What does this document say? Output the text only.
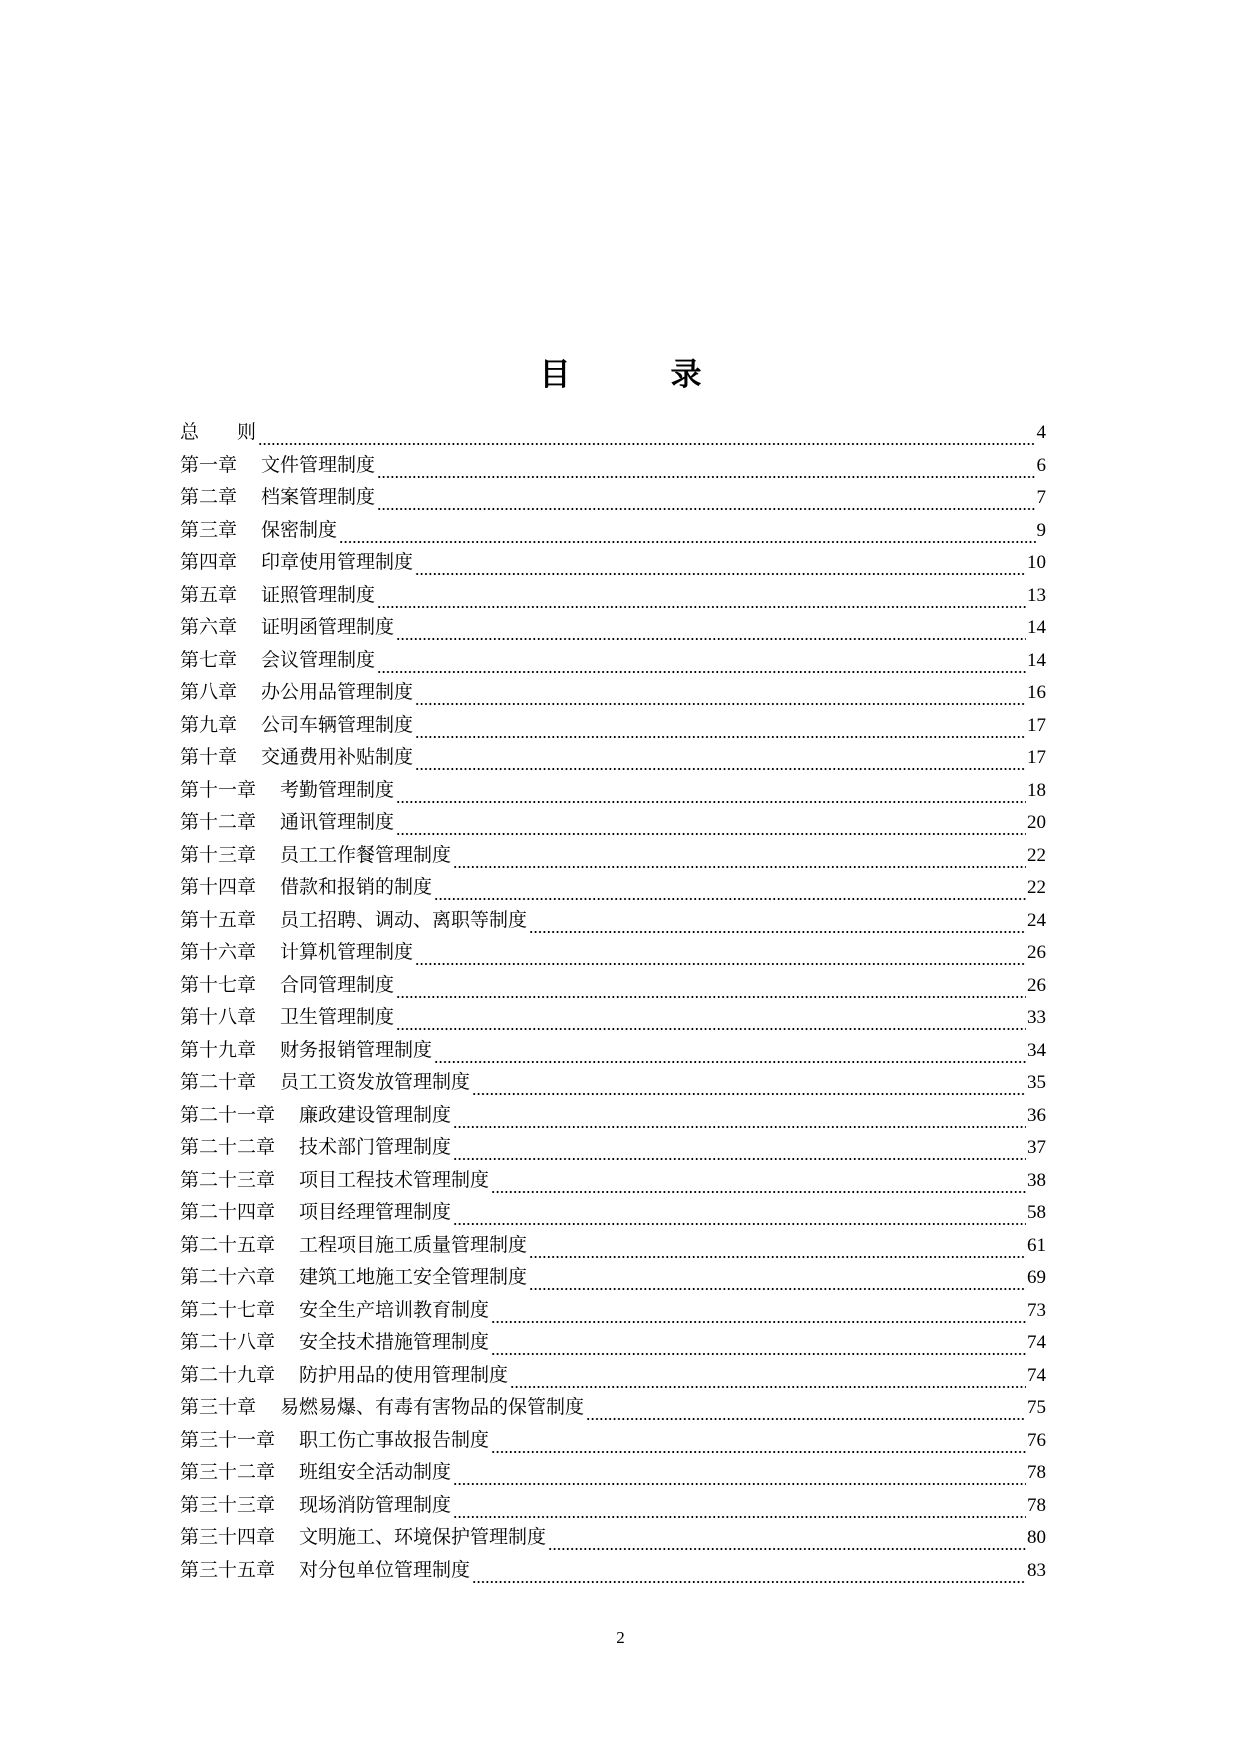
目录
总　　则	4
第一章 文件管理制度	6
第二章 档案管理制度	7
第三章 保密制度	9
第四章 印章使用管理制度	10
第五章 证照管理制度	13
第六章 证明函管理制度	14
第七章 会议管理制度	14
第八章 办公用品管理制度	16
第九章 公司车辆管理制度	17
第十章 交通费用补贴制度	17
第十一章 考勤管理制度	18
第十二章 通讯管理制度	20
第十三章 员工工作餐管理制度	22
第十四章 借款和报销的制度	22
第十五章 员工招聘、调动、离职等制度	24
第十六章 计算机管理制度	26
第十七章 合同管理制度	26
第十八章 卫生管理制度	33
第十九章 财务报销管理制度	34
第二十章 员工工资发放管理制度	35
第二十一章 廉政建设管理制度	36
第二十二章 技术部门管理制度	37
第二十三章 项目工程技术管理制度	38
第二十四章 项目经理管理制度	58
第二十五章 工程项目施工质量管理制度	61
第二十六章 建筑工地施工安全管理制度	69
第二十七章 安全生产培训教育制度	73
第二十八章 安全技术措施管理制度	74
第二十九章 防护用品的使用管理制度	74
第三十章 易燃易爆、有毒有害物品的保管制度	75
第三十一章 职工伤亡事故报告制度	76
第三十二章 班组安全活动制度	78
第三十三章 现场消防管理制度	78
第三十四章 文明施工、环境保护管理制度	80
第三十五章 对分包单位管理制度	83
2
